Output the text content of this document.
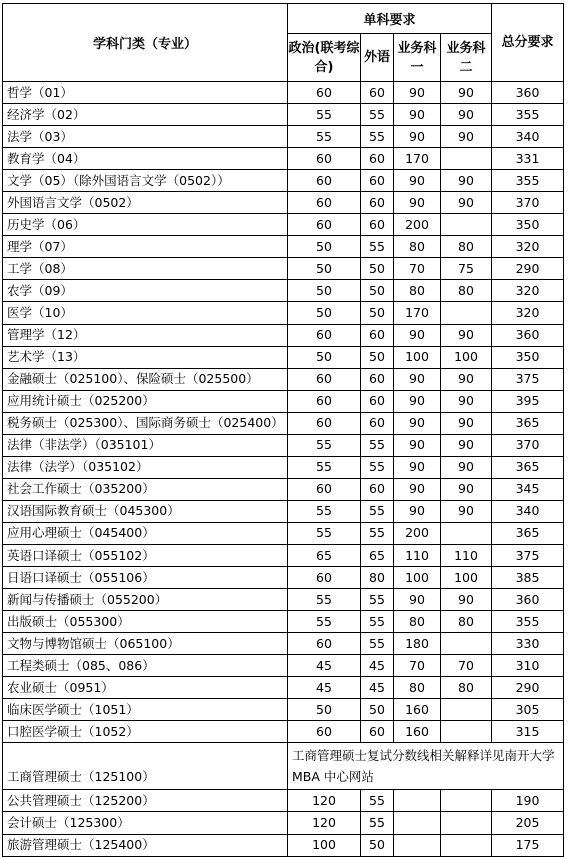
学科门类（专业）	单科要求				总分要求
	政治(联考综合)	外语	业务科一	业务科二	
哲学（01）	60	60	90	90	360
经济学（02）	55	55	90	90	355
法学（03）	55	55	90	90	340
教育学（04）	60	60	170		331
文学（05）（除外国语言文学（0502））	60	60	90	90	355
外国语言文学（0502）	60	60	90	90	370
历史学（06）	60	60	200		350
理学（07）	50	55	80	80	320
工学（08）	50	50	70	75	290
农学（09）	50	50	80	80	320
医学（10）	50	50	170		320
管理学（12）	60	60	90	90	360
艺术学（13）	50	50	100	100	350
金融硕士（025100）、保险硕士（025500）	60	60	90	90	375
应用统计硕士（025200）	60	60	90	90	395
税务硕士（025300）、国际商务硕士（025400）	60	60	90	90	365
法律（非法学）（035101）	55	55	90	90	370
法律（法学）（035102）	55	55	90	90	365
社会工作硕士（035200）	60	60	90	90	345
汉语国际教育硕士（045300）	55	55	90	90	340
应用心理硕士（045400）	55	55	200		365
英语口译硕士（055102）	65	65	110	110	375
日语口译硕士（055106）	60	80	100	100	385
新闻与传播硕士（055200）	55	55	90	90	360
出版硕士（055300）	55	55	80	80	355
文物与博物馆硕士（065100）	60	55	180		330
工程类硕士（085、086）	45	45	70	70	310
农业硕士（0951）	45	45	80	80	290
临床医学硕士（1051）	50	50	160		305
口腔医学硕士（1052）	60	60	160		315
工商管理硕士（125100）	工商管理硕士复试分数线相关解释详见南开大学 MBA 中心网站				
公共管理硕士（125200）	120	55			190
会计硕士（125300）	120	55			205
旅游管理硕士（125400）	100	50			175
